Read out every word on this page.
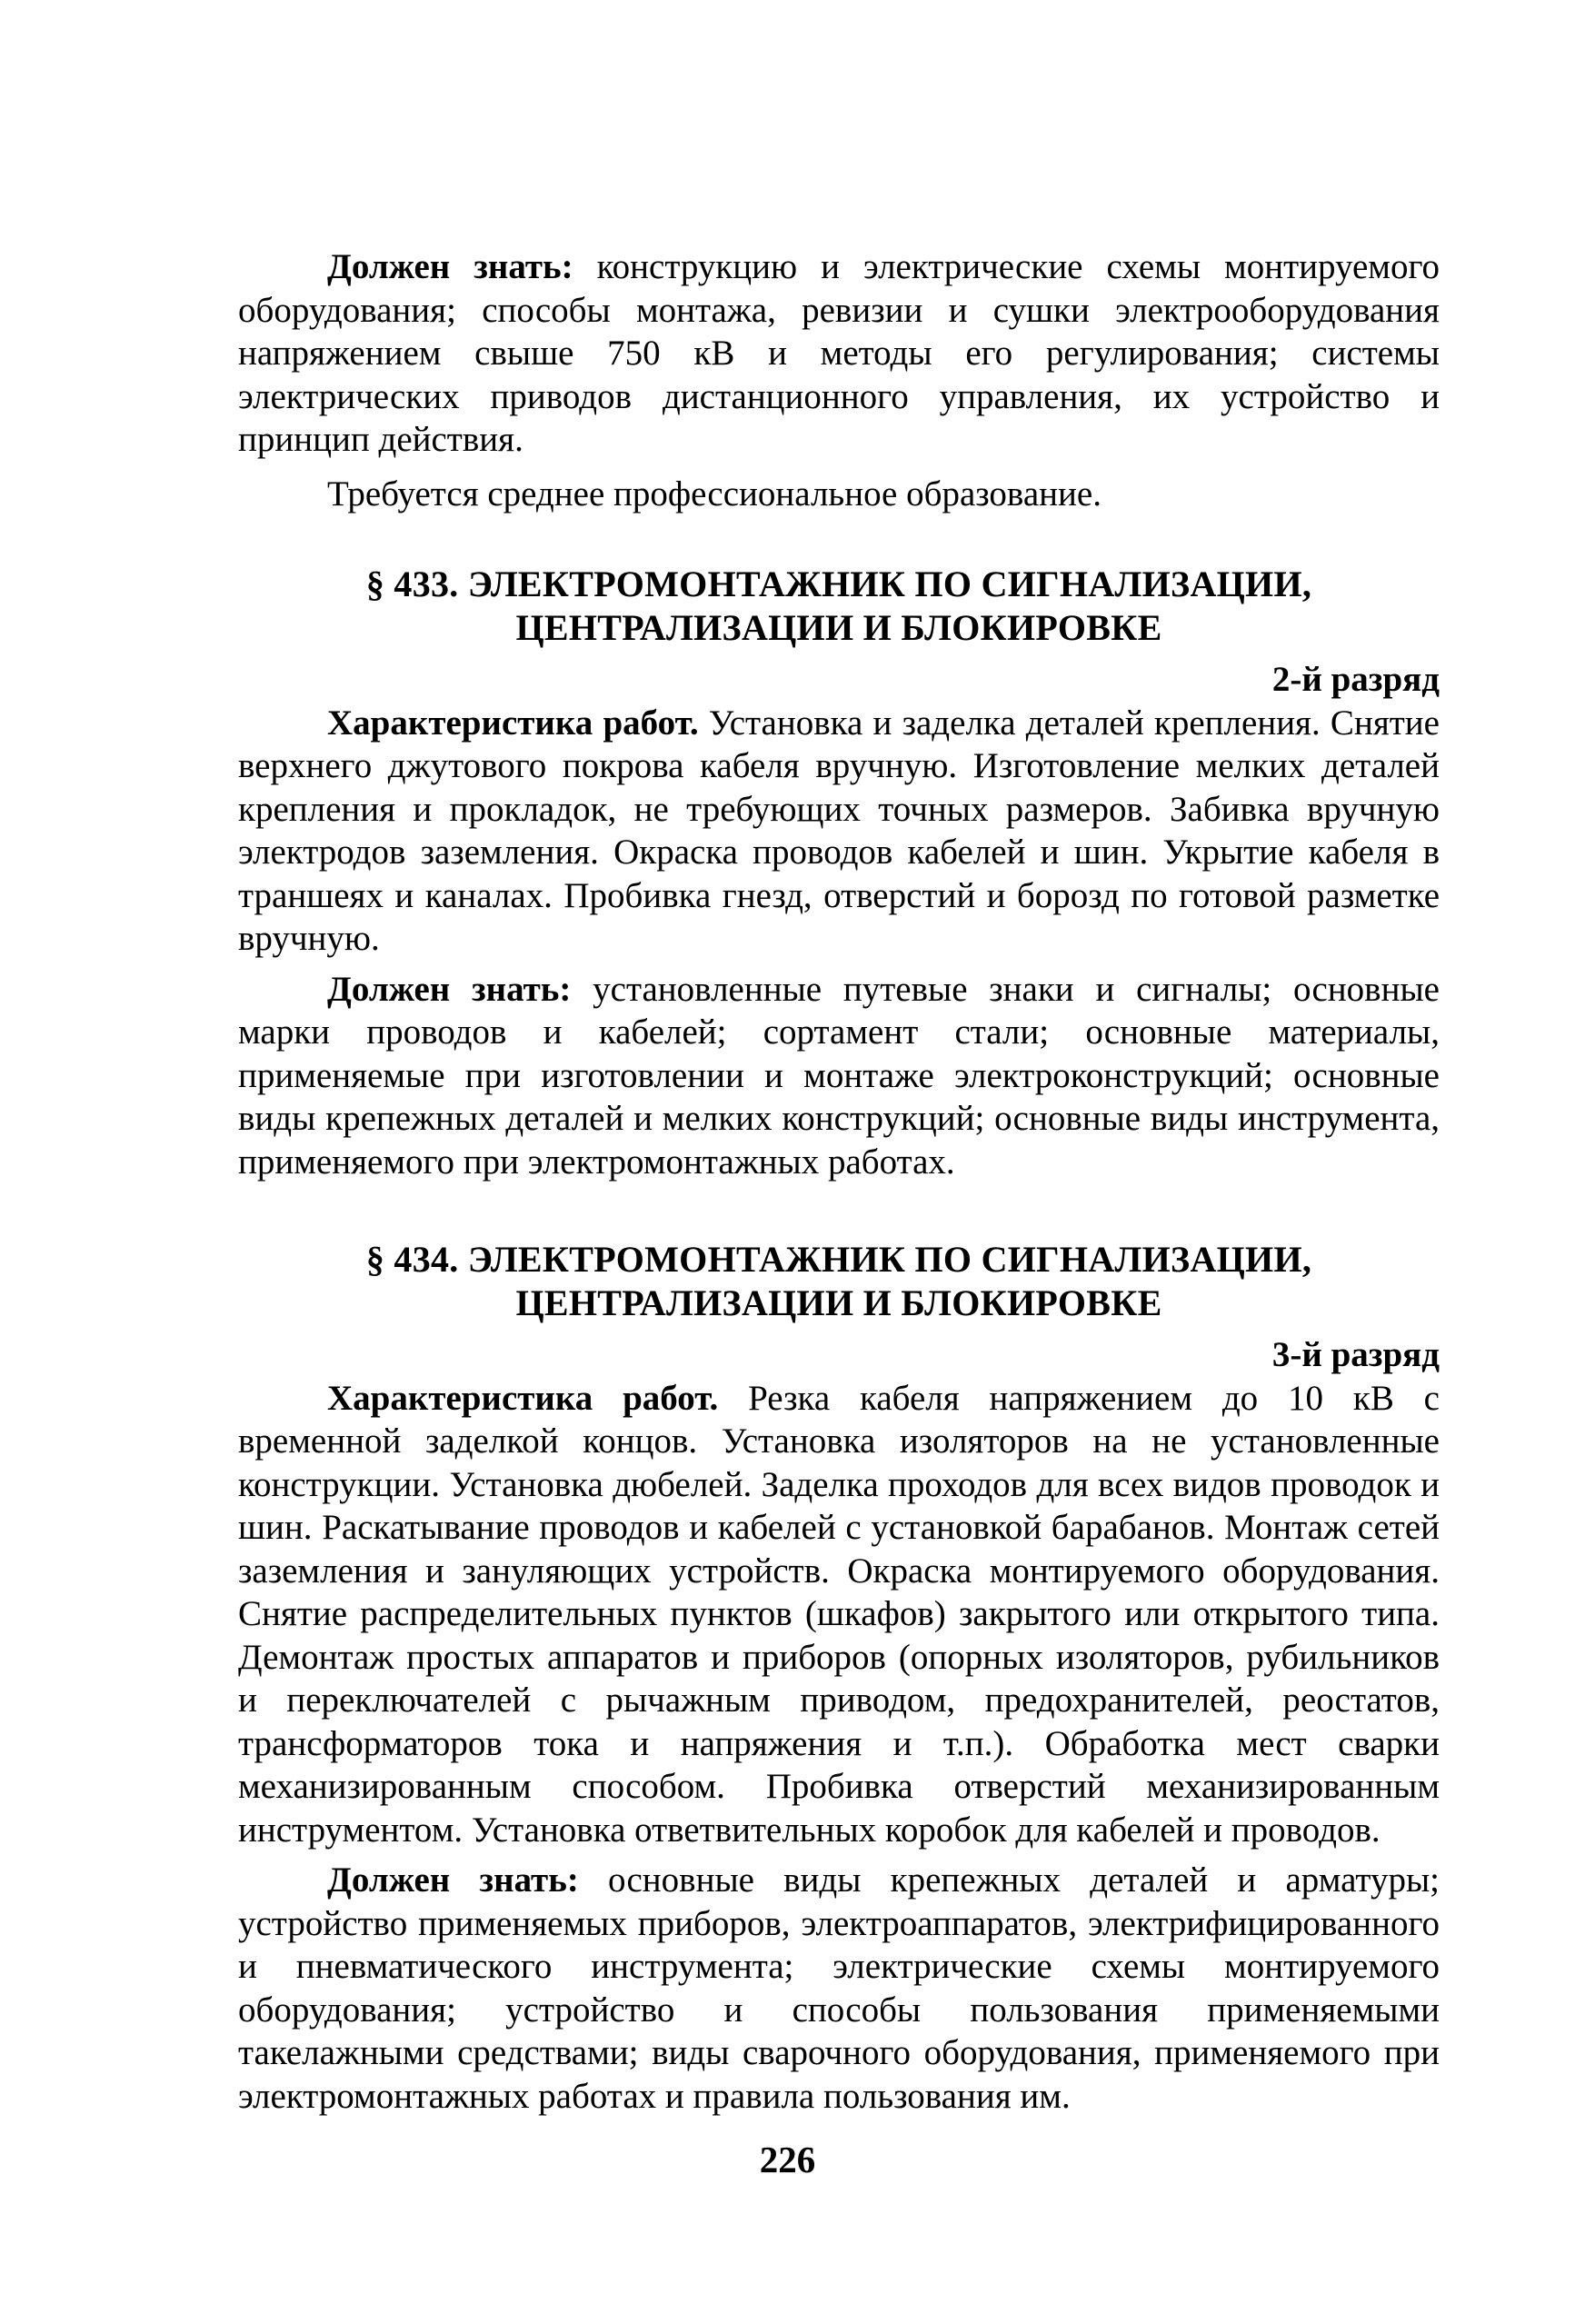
Должен знать: конструкцию и электрические схемы монтируемого оборудования; способы монтажа, ревизии и сушки электрооборудования напряжением свыше 750 кВ и методы его регулирования; системы электрических приводов дистанционного управления, их устройство и принцип действия.

Требуется среднее профессиональное образование.

§ 433. ЭЛЕКТРОМОНТАЖНИК ПО СИГНАЛИЗАЦИИ,
ЦЕНТРАЛИЗАЦИИ И БЛОКИРОВКЕ
2-й разряд

Характеристика работ. Установка и заделка деталей крепления. Снятие верхнего джутового покрова кабеля вручную. Изготовление мелких деталей крепления и прокладок, не требующих точных размеров. Забивка вручную электродов заземления. Окраска проводов кабелей и шин. Укрытие кабеля в траншеях и каналах. Пробивка гнезд, отверстий и борозд по готовой разметке вручную.

Должен знать: установленные путевые знаки и сигналы; основные марки проводов и кабелей; сортамент стали; основные материалы, применяемые при изготовлении и монтаже электроконструкций; основные виды крепежных деталей и мелких конструкций; основные виды инструмента, применяемого при электромонтажных работах.

§ 434. ЭЛЕКТРОМОНТАЖНИК ПО СИГНАЛИЗАЦИИ,
ЦЕНТРАЛИЗАЦИИ И БЛОКИРОВКЕ
3-й разряд

Характеристика работ. Резка кабеля напряжением до 10 кВ с временной заделкой концов. Установка изоляторов на не установленные конструкции. Установка дюбелей. Заделка проходов для всех видов проводок и шин. Раскатывание проводов и кабелей с установкой барабанов. Монтаж сетей заземления и зануляющих устройств. Окраска монтируемого оборудования. Снятие распределительных пунктов (шкафов) закрытого или открытого типа. Демонтаж простых аппаратов и приборов (опорных изоляторов, рубильников и переключателей с рычажным приводом, предохранителей, реостатов, трансформаторов тока и напряжения и т.п.). Обработка мест сварки механизированным способом. Пробивка отверстий механизированным инструментом. Установка ответвительных коробок для кабелей и проводов.

Должен знать: основные виды крепежных деталей и арматуры; устройство применяемых приборов, электроаппаратов, электрифицированного и пневматического инструмента; электрические схемы монтируемого оборудования; устройство и способы пользования применяемыми такелажными средствами; виды сварочного оборудования, применяемого при электромонтажных работах и правила пользования им.

226
